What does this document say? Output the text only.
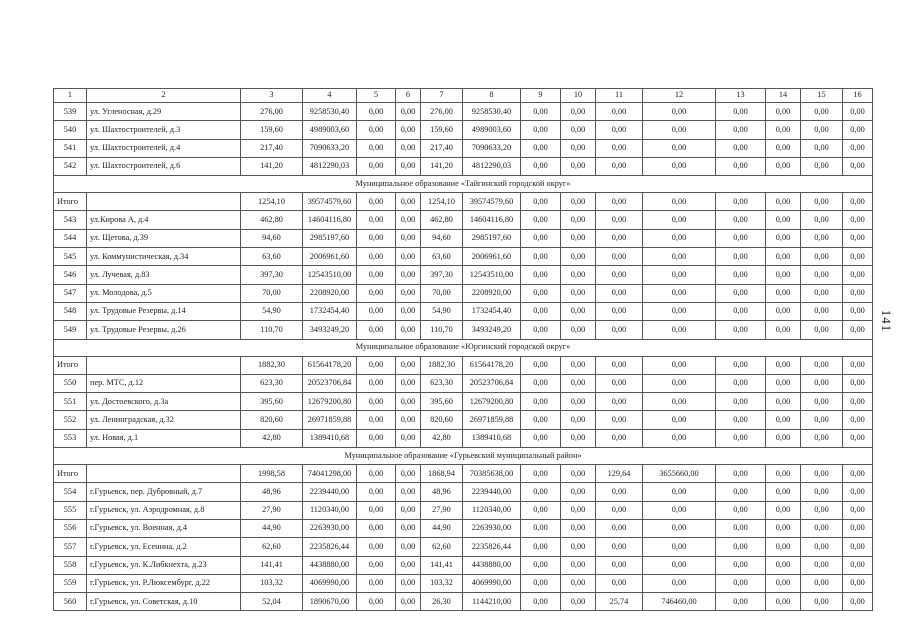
1	2	3	4	5	6	7	8	9	10	11	12	13	14	15	16
539	ул. Угленосная, д.29	276,00	9258530,40	0,00	0,00	276,00	9258530,40	0,00	0,00	0,00	0,00	0,00	0,00	0,00	0,00
540	ул. Шахтостроителей, д.3	159,60	4989003,60	0,00	0,00	159,60	4989003,60	0,00	0,00	0,00	0,00	0,00	0,00	0,00	0,00
541	ул. Шахтостроителей, д.4	217,40	7090633,20	0,00	0,00	217,40	7090633,20	0,00	0,00	0,00	0,00	0,00	0,00	0,00	0,00
542	ул. Шахтостроителей, д.6	141,20	4812290,03	0,00	0,00	141,20	4812290,03	0,00	0,00	0,00	0,00	0,00	0,00	0,00	0,00
Муниципальное образование «Тайгинский городской округ»															
Итого		1254,10	39574579,60	0,00	0,00	1254,10	39574579,60	0,00	0,00	0,00	0,00	0,00	0,00	0,00	0,00
543	ул.Кирова А, д.4	462,80	14604116,80	0,00	0,00	462,80	14604116,80	0,00	0,00	0,00	0,00	0,00	0,00	0,00	0,00
544	ул. Щетова, д.39	94,60	2985197,60	0,00	0,00	94,60	2985197,60	0,00	0,00	0,00	0,00	0,00	0,00	0,00	0,00
545	ул. Коммунистическая, д.34	63,60	2006961,60	0,00	0,00	63,60	2006961,60	0,00	0,00	0,00	0,00	0,00	0,00	0,00	0,00
546	ул. Лучевая, д.83	397,30	12543510,00	0,00	0,00	397,30	12543510,00	0,00	0,00	0,00	0,00	0,00	0,00	0,00	0,00
547	ул. Молодова, д.5	70,00	2208920,00	0,00	0,00	70,00	2208920,00	0,00	0,00	0,00	0,00	0,00	0,00	0,00	0,00
548	ул. Трудовые Резервы, д.14	54,90	1732454,40	0,00	0,00	54,90	1732454,40	0,00	0,00	0,00	0,00	0,00	0,00	0,00	0,00
549	ул. Трудовые Резервы, д.26	110,70	3493249,20	0,00	0,00	110,70	3493249,20	0,00	0,00	0,00	0,00	0,00	0,00	0,00	0,00
Муниципальное образование «Юргинский городской округ»															
Итого		1882,30	61564178,20	0,00	0,00	1882,30	61564178,20	0,00	0,00	0,00	0,00	0,00	0,00	0,00	0,00
550	пер. МТС, д.12	623,30	20523706,84	0,00	0,00	623,30	20523706,84	0,00	0,00	0,00	0,00	0,00	0,00	0,00	0,00
551	ул. Достоевского, д.3а	395,60	12679200,80	0,00	0,00	395,60	12679200,80	0,00	0,00	0,00	0,00	0,00	0,00	0,00	0,00
552	ул. Ленинградская, д.32	820,60	26971859,88	0,00	0,00	820,60	26971859,88	0,00	0,00	0,00	0,00	0,00	0,00	0,00	0,00
553	ул. Новая, д.1	42,80	1389410,68	0,00	0,00	42,80	1389410,68	0,00	0,00	0,00	0,00	0,00	0,00	0,00	0,00
Муниципальное образование «Гурьевский муниципальный район»															
Итого		1998,58	74041298,00	0,00	0,00	1868,94	70385638,00	0,00	0,00	129,64	3655660,00	0,00	0,00	0,00	0,00
554	г.Гурьевск, пер. Дубровный, д.7	48,96	2239440,00	0,00	0,00	48,96	2239440,00	0,00	0,00	0,00	0,00	0,00	0,00	0,00	0,00
555	г.Гурьевск, ул. Аэродромная, д.8	27,90	1120340,00	0,00	0,00	27,90	1120340,00	0,00	0,00	0,00	0,00	0,00	0,00	0,00	0,00
556	г.Гурьевск, ул. Военная, д.4	44,90	2263930,00	0,00	0,00	44,90	2263930,00	0,00	0,00	0,00	0,00	0,00	0,00	0,00	0,00
557	г.Гурьевск, ул. Есенина, д.2	62,60	2235826,44	0,00	0,00	62,60	2235826,44	0,00	0,00	0,00	0,00	0,00	0,00	0,00	0,00
558	г.Гурьевск, ул. К.Либкнехта, д.23	141,41	4438880,00	0,00	0,00	141,41	4438880,00	0,00	0,00	0,00	0,00	0,00	0,00	0,00	0,00
559	г.Гурьевск, ул. Р.Люксембург, д.22	103,32	4069990,00	0,00	0,00	103,32	4069990,00	0,00	0,00	0,00	0,00	0,00	0,00	0,00	0,00
560	г.Гурьевск, ул. Советская, д.10	52,04	1890670,00	0,00	0,00	26,30	1144210,00	0,00	0,00	25,74	746460,00	0,00	0,00	0,00	0,00
141
